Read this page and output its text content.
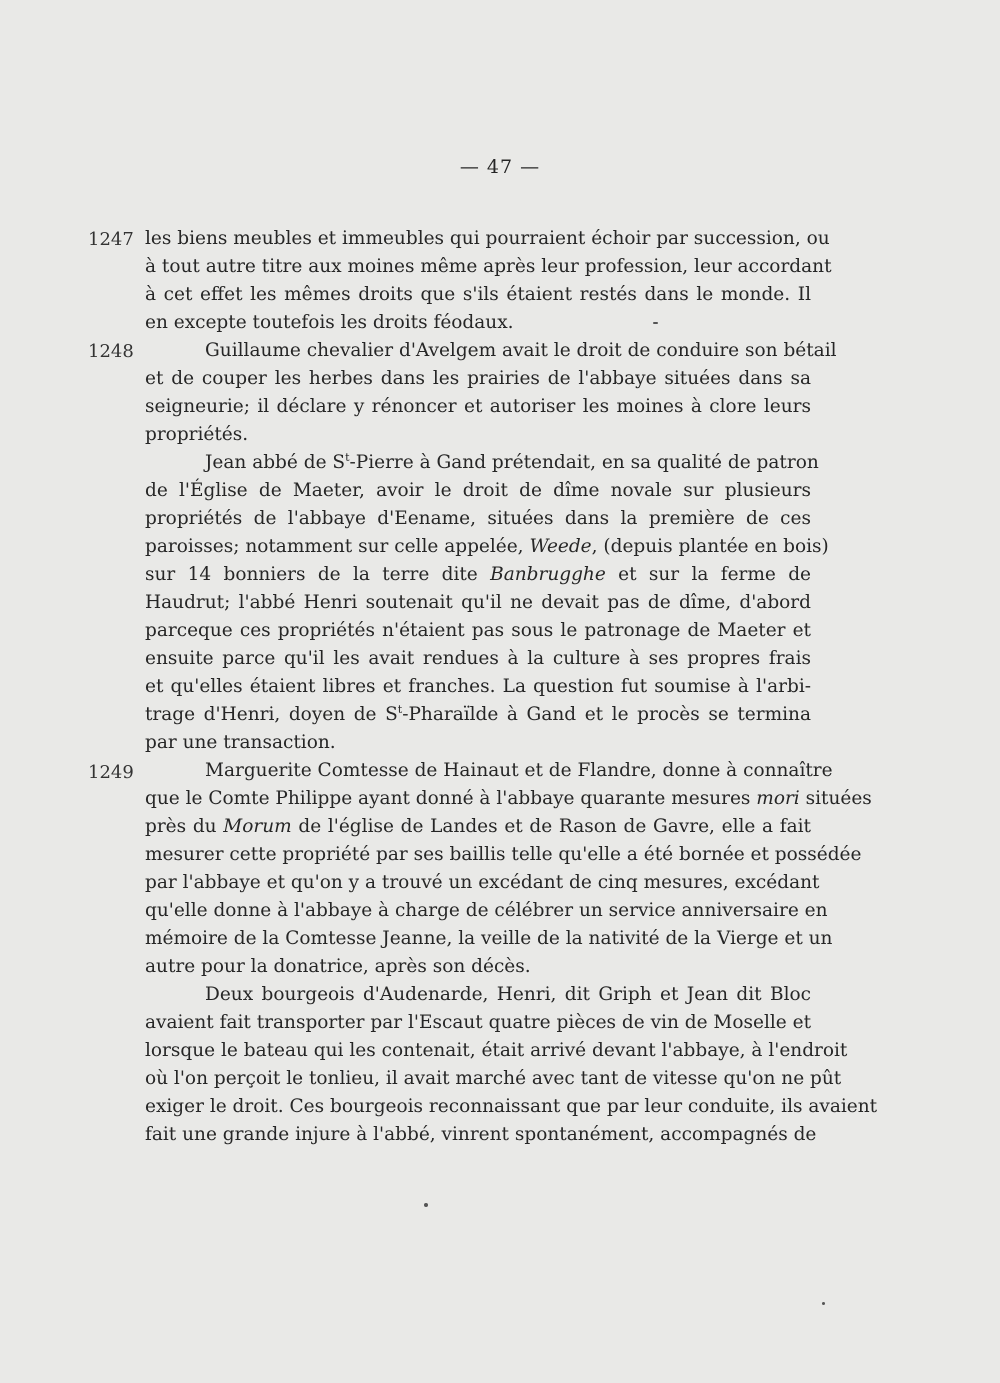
— 47 —
1247
1248
1249
les biens meubles et immeubles qui pourraient échoir par succession, ou
à tout autre titre aux moines même après leur profession, leur accordant
à cet effet les mêmes droits que s'ils étaient restés dans le monde. Il
en excepte toutefois les droits féodaux.
Guillaume chevalier d'Avelgem avait le droit de conduire son bétail
et de couper les herbes dans les prairies de l'abbaye situées dans sa
seigneurie; il déclare y rénoncer et autoriser les moines à clore leurs
propriétés.
Jean abbé de $S^t$-Pierre à Gand prétendait, en sa qualité de patron
de l'Église de Maeter, avoir le droit de dîme novale sur plusieurs
propriétés de l'abbaye d'Eename, situées dans la première de ces
paroisses; notamment sur celle appelée, Weede, (depuis plantée en bois)
sur 14 bonniers de la terre dite Banbrugghe et sur la ferme de
Haudrut; l'abbé Henri soutenait qu'il ne devait pas de dîme, d'abord
parceque ces propriétés n'étaient pas sous le patronage de Maeter et
ensuite parce qu'il les avait rendues à la culture à ses propres frais
et qu'elles étaient libres et franches. La question fut soumise à l'arbi-
trage d'Henri, doyen de $S^t$-Pharaïlde à Gand et le procès se termina
par une transaction.
Marguerite Comtesse de Hainaut et de Flandre, donne à connaître
que le Comte Philippe ayant donné à l'abbaye quarante mesures mori situées
près du Morum de l'église de Landes et de Rason de Gavre, elle a fait
mesurer cette propriété par ses baillis telle qu'elle a été bornée et possédée
par l'abbaye et qu'on y a trouvé un excédant de cinq mesures, excédant
qu'elle donne à l'abbaye à charge de célébrer un service anniversaire en
mémoire de la Comtesse Jeanne, la veille de la nativité de la Vierge et un
autre pour la donatrice, après son décès.
Deux bourgeois d'Audenarde, Henri, dit Griph et Jean dit Bloc
avaient fait transporter par l'Escaut quatre pièces de vin de Moselle et
lorsque le bateau qui les contenait, était arrivé devant l'abbaye, à l'endroit
où l'on perçoit le tonlieu, il avait marché avec tant de vitesse qu'on ne pût
exiger le droit. Ces bourgeois reconnaissant que par leur conduite, ils avaient
fait une grande injure à l'abbé, vinrent spontanément, accompagnés de
